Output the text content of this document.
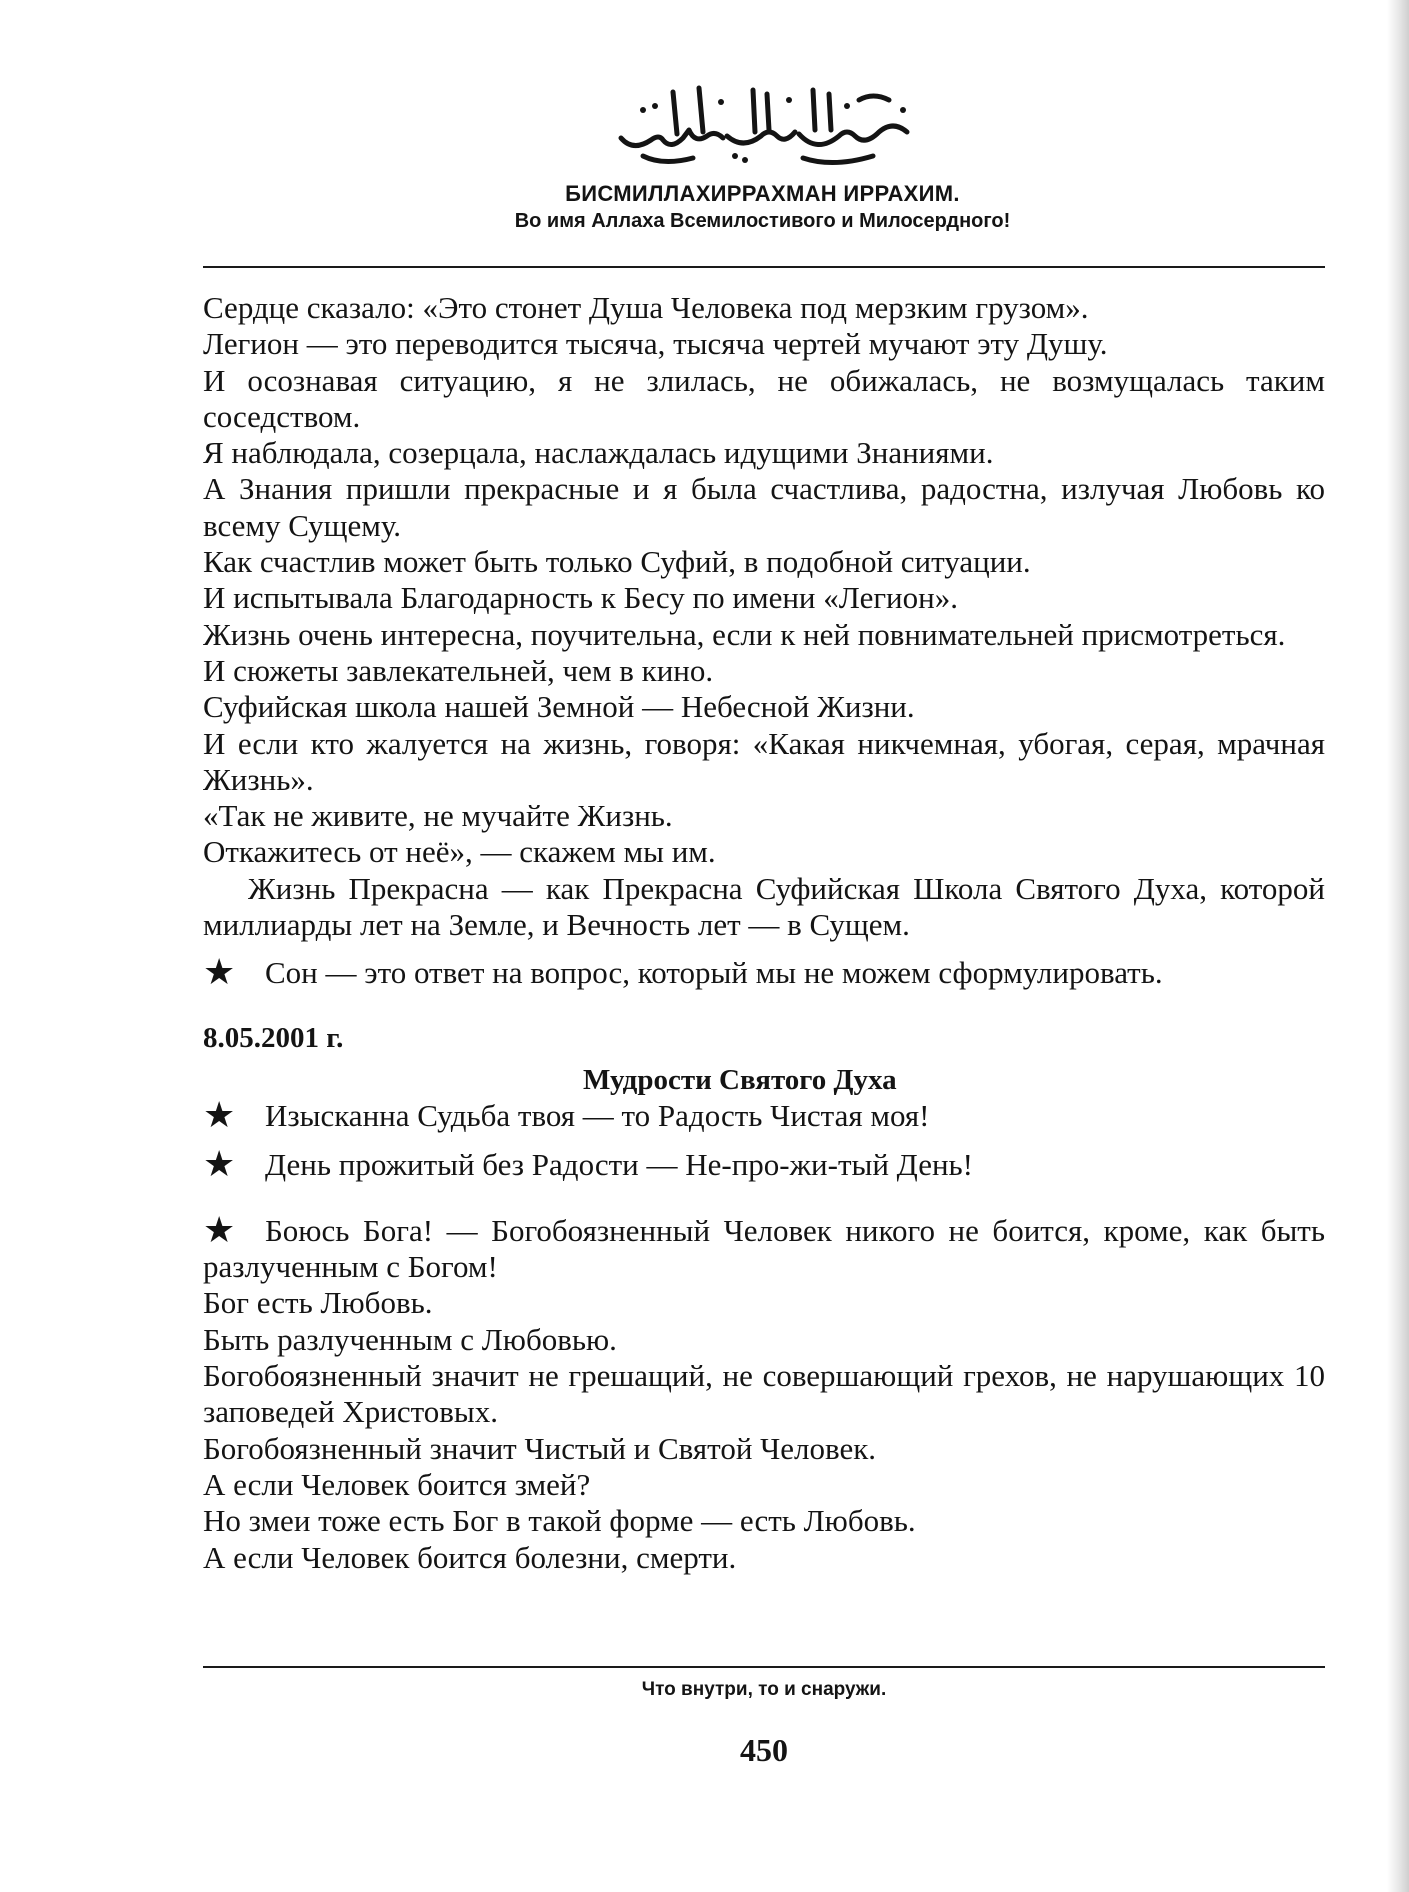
بِسْمِ اللَّهِ الرَّحْمَٰنِ الرَّحِيمِ
БИСМИЛЛАХИРРАХМАН ИРРАХИМ.
Во имя Аллаха Всемилостивого и Милосердного!

Сердце сказало: «Это стонет Душа Человека под мерзким грузом».

Легион — это переводится тысяча, тысяча чертей мучают эту Душу.

И осознавая ситуацию, я не злилась, не обижалась, не возмущалась таким соседством.

Я наблюдала, созерцала, наслаждалась идущими Знаниями.

А Знания пришли прекрасные и я была счастлива, радостна, излучая Любовь ко всему Сущему.

Как счастлив может быть только Суфий, в подобной ситуации.

И испытывала Благодарность к Бесу по имени «Легион».

Жизнь очень интересна, поучительна, если к ней повнимательней присмотреться.

И сюжеты завлекательней, чем в кино.

Суфийская школа нашей Земной — Небесной Жизни.

И если кто жалуется на жизнь, говоря: «Какая никчемная, убогая, серая, мрачная Жизнь».

«Так не живите, не мучайте Жизнь.

Откажитесь от неё», — скажем мы им.

Жизнь Прекрасна — как Прекрасна Суфийская Школа Святого Духа, которой миллиарды лет на Земле, и Вечность лет — в Сущем.

★ Сон — это ответ на вопрос, который мы не можем сформулировать.

8.05.2001 г.

Мудрости Святого Духа

★ Изысканна Судьба твоя — то Радость Чистая моя!

★ День прожитый без Радости — Не-про-жи-тый День!

★ Боюсь Бога! — Богобоязненный Человек никого не боится, кроме, как быть разлученным с Богом!

Бог есть Любовь.

Быть разлученным с Любовью.

Богобоязненный значит не грешащий, не совершающий грехов, не нарушающих 10 заповедей Христовых.

Богобоязненный значит Чистый и Святой Человек.

А если Человек боится змей?

Но змеи тоже есть Бог в такой форме — есть Любовь.

А если Человек боится болезни, смерти.

Что внутри, то и снаружи.
450
